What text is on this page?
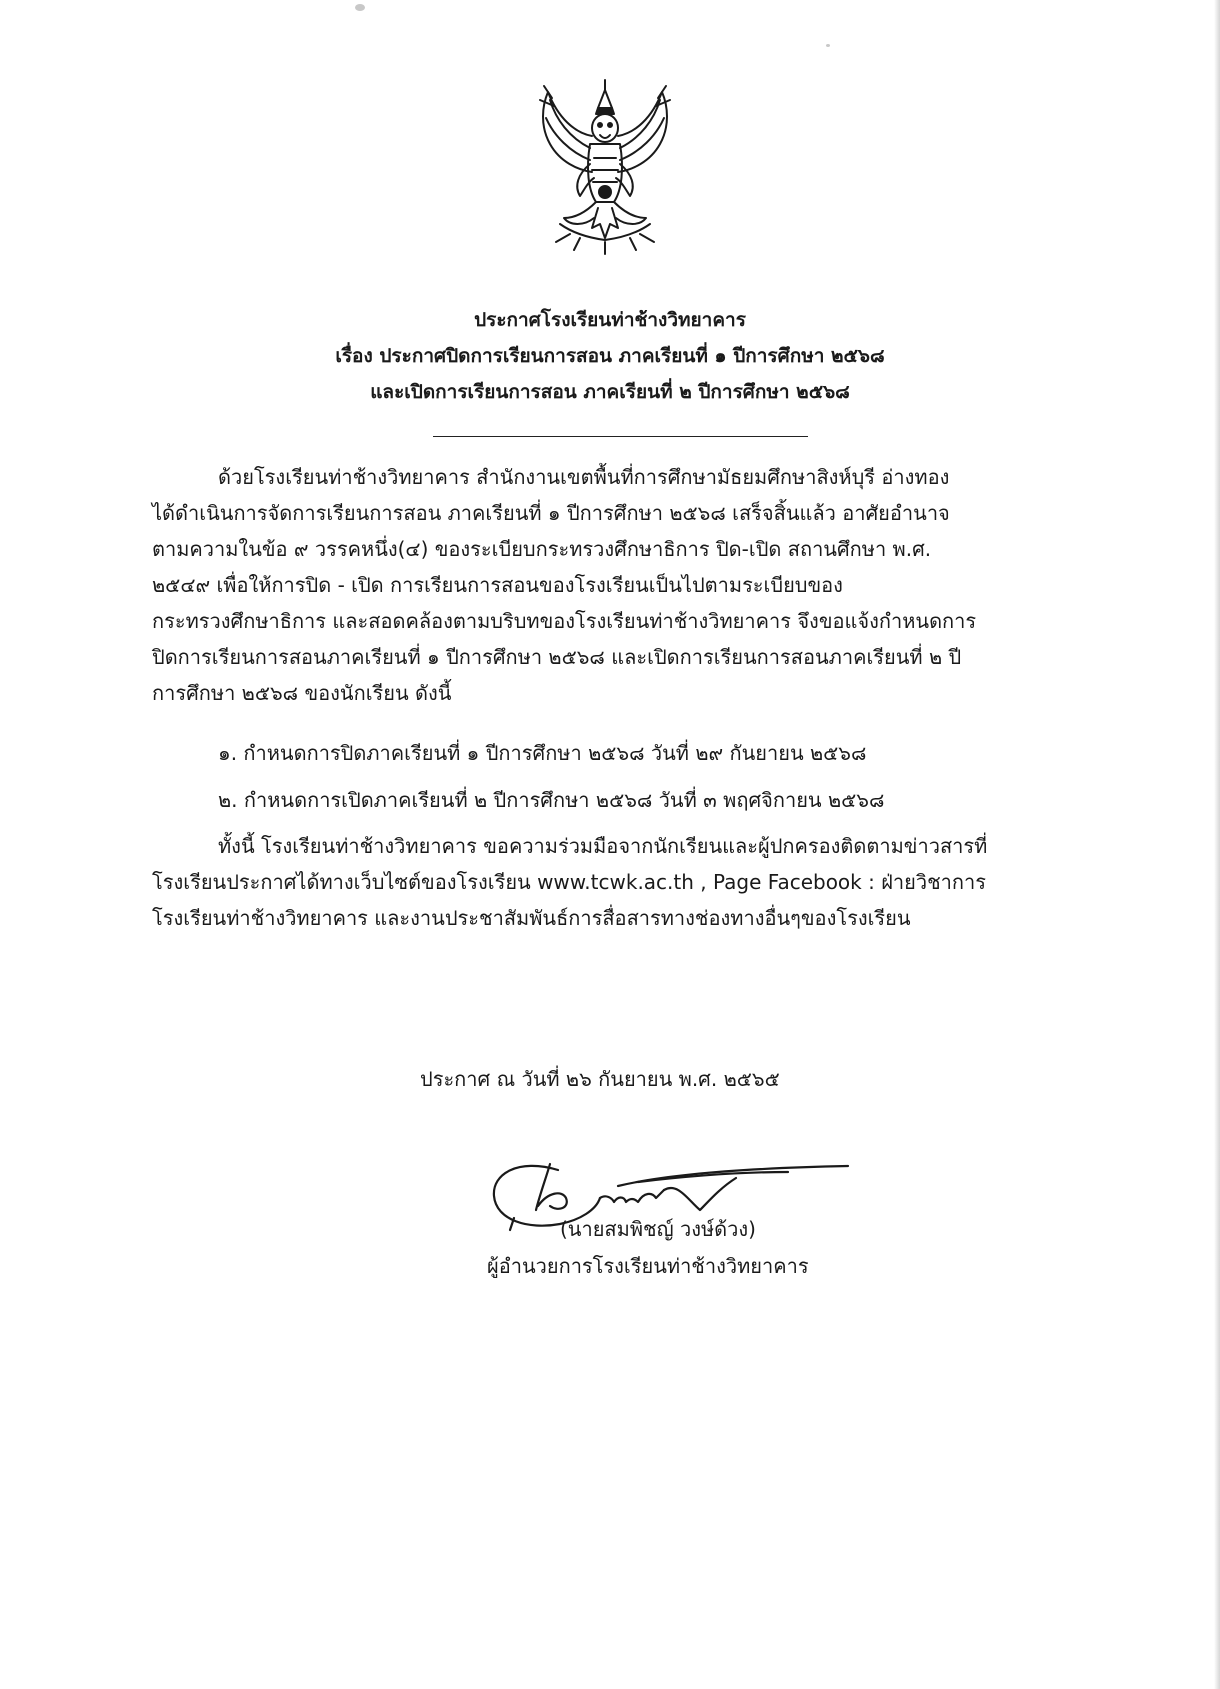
ประกาศโรงเรียนท่าช้างวิทยาคาร
เรื่อง ประกาศปิดการเรียนการสอน ภาคเรียนที่ ๑ ปีการศึกษา ๒๕๖๘
และเปิดการเรียนการสอน ภาคเรียนที่ ๒ ปีการศึกษา ๒๕๖๘
ด้วยโรงเรียนท่าช้างวิทยาคาร สำนักงานเขตพื้นที่การศึกษามัธยมศึกษาสิงห์บุรี อ่างทอง
ได้ดำเนินการจัดการเรียนการสอน ภาคเรียนที่ ๑ ปีการศึกษา ๒๕๖๘ เสร็จสิ้นแล้ว อาศัยอำนาจ
ตามความในข้อ ๙ วรรคหนึ่ง(๔) ของระเบียบกระทรวงศึกษาธิการ ปิด-เปิด สถานศึกษา พ.ศ.
๒๕๔๙ เพื่อให้การปิด - เปิด การเรียนการสอนของโรงเรียนเป็นไปตามระเบียบของ
กระทรวงศึกษาธิการ และสอดคล้องตามบริบทของโรงเรียนท่าช้างวิทยาคาร จึงขอแจ้งกำหนดการ
ปิดการเรียนการสอนภาคเรียนที่ ๑ ปีการศึกษา ๒๕๖๘ และเปิดการเรียนการสอนภาคเรียนที่ ๒ ปี
การศึกษา ๒๕๖๘ ของนักเรียน ดังนี้
๑. กำหนดการปิดภาคเรียนที่ ๑ ปีการศึกษา ๒๕๖๘ วันที่ ๒๙ กันยายน ๒๕๖๘
๒. กำหนดการเปิดภาคเรียนที่ ๒ ปีการศึกษา ๒๕๖๘ วันที่ ๓ พฤศจิกายน ๒๕๖๘
ทั้งนี้ โรงเรียนท่าช้างวิทยาคาร ขอความร่วมมือจากนักเรียนและผู้ปกครองติดตามข่าวสารที่
โรงเรียนประกาศได้ทางเว็บไซต์ของโรงเรียน www.tcwk.ac.th , Page Facebook : ฝ่ายวิชาการ
โรงเรียนท่าช้างวิทยาคาร และงานประชาสัมพันธ์การสื่อสารทางช่องทางอื่นๆของโรงเรียน
ประกาศ ณ วันที่ ๒๖ กันยายน พ.ศ. ๒๕๖๕
(นายสมพิชญ์ วงษ์ด้วง)
ผู้อำนวยการโรงเรียนท่าช้างวิทยาคาร
